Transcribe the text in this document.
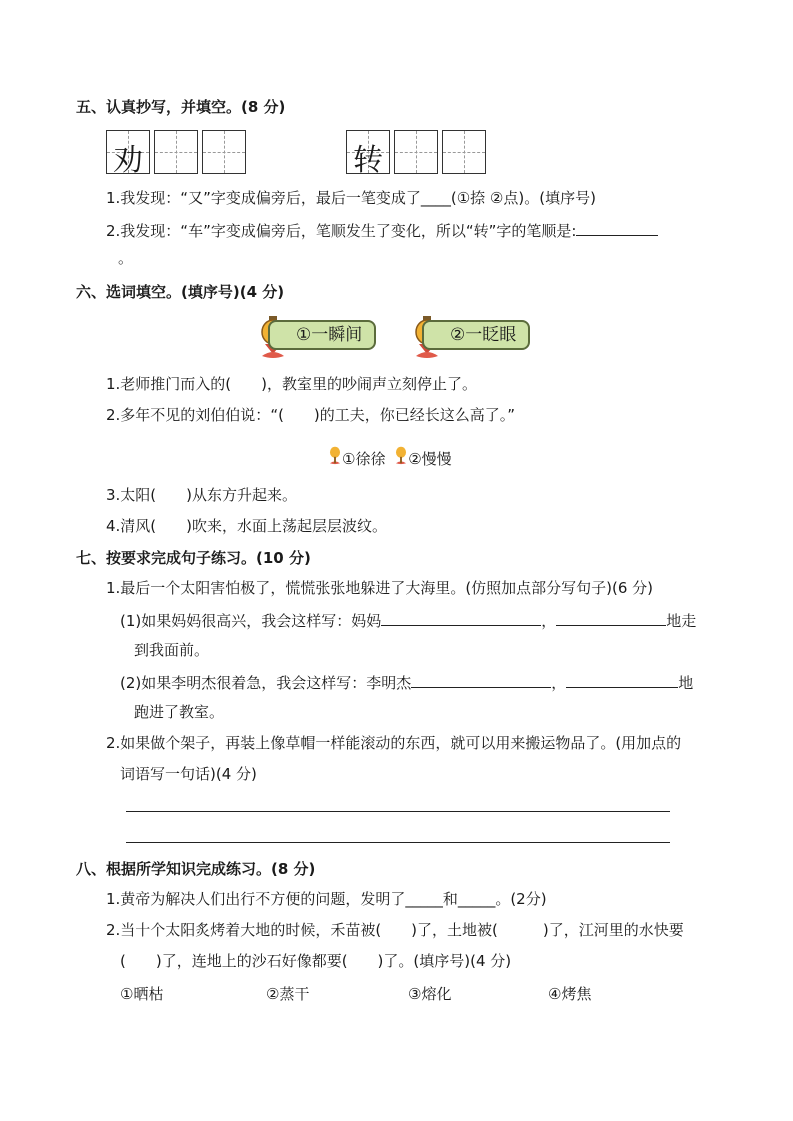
五、认真抄写，并填空。(8 分)
劝	转
1.我发现：“又”字变成偏旁后，最后一笔变成了____(①捺 ②点)。(填序号)
2.我发现：“车”字变成偏旁后，笔顺发生了变化，所以“转”字的笔顺是:
。
六、选词填空。(填序号)(4 分)
①一瞬间	②一眨眼
1.老师推门而入的(　　)，教室里的吵闹声立刻停止了。
2.多年不见的刘伯伯说：“(　　)的工夫，你已经长这么高了。”
①徐徐 ②慢慢
3.太阳(　　)从东方升起来。
4.清风(　　)吹来，水面上荡起层层波纹。
七、按要求完成句子练习。(10 分)
1.最后一个太阳害怕极了，慌慌张张地躲进了大海里。(仿照加点部分写句子)(6 分)
(1)如果妈妈很高兴，我会这样写：妈妈	，	地走
到我面前。
(2)如果李明杰很着急，我会这样写：李明杰	，	地
跑进了教室。
2.如果做个架子，再装上像草帽一样能滚动的东西，就可以用来搬运物品了。(用加点的
词语写一句话)(4 分)
八、根据所学知识完成练习。(8 分)
1.黄帝为解决人们出行不方便的问题，发明了_____和_____。(2分)
2.当十个太阳炙烤着大地的时候，禾苗被(　　)了，土地被(　　　)了，江河里的水快要
(　　)了，连地上的沙石好像都要(　　)了。(填序号)(4 分)
①晒枯	②蒸干	③熔化	④烤焦
